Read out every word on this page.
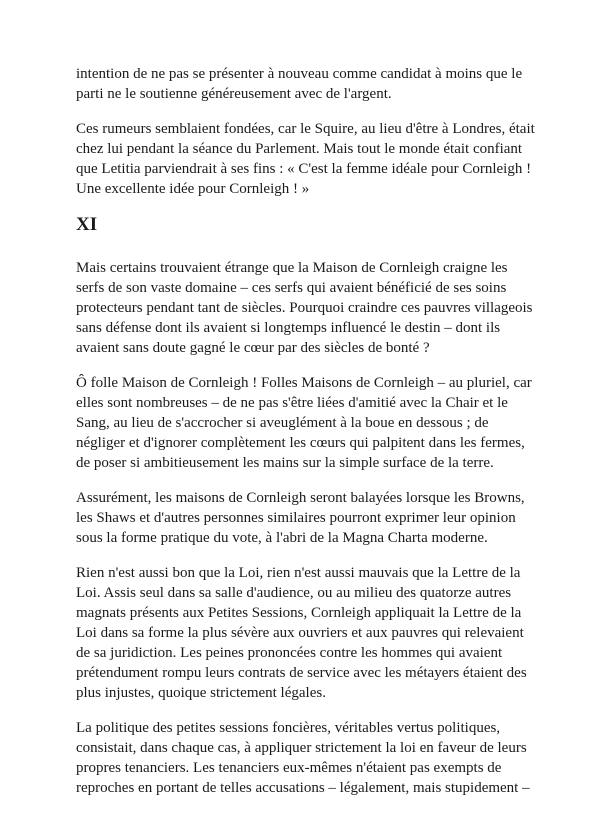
intention de ne pas se présenter à nouveau comme candidat à moins que le parti ne le soutienne généreusement avec de l'argent.

Ces rumeurs semblaient fondées, car le Squire, au lieu d'être à Londres, était chez lui pendant la séance du Parlement. Mais tout le monde était confiant que Letitia parviendrait à ses fins : « C'est la femme idéale pour Cornleigh ! Une excellente idée pour Cornleigh ! »

XI

Mais certains trouvaient étrange que la Maison de Cornleigh craigne les serfs de son vaste domaine – ces serfs qui avaient bénéficié de ses soins protecteurs pendant tant de siècles. Pourquoi craindre ces pauvres villageois sans défense dont ils avaient si longtemps influencé le destin – dont ils avaient sans doute gagné le cœur par des siècles de bonté ?

Ô folle Maison de Cornleigh ! Folles Maisons de Cornleigh – au pluriel, car elles sont nombreuses – de ne pas s'être liées d'amitié avec la Chair et le Sang, au lieu de s'accrocher si aveuglément à la boue en dessous ; de négliger et d'ignorer complètement les cœurs qui palpitent dans les fermes, de poser si ambitieusement les mains sur la simple surface de la terre.

Assurément, les maisons de Cornleigh seront balayées lorsque les Browns, les Shaws et d'autres personnes similaires pourront exprimer leur opinion sous la forme pratique du vote, à l'abri de la Magna Charta moderne.

Rien n'est aussi bon que la Loi, rien n'est aussi mauvais que la Lettre de la Loi. Assis seul dans sa salle d'audience, ou au milieu des quatorze autres magnats présents aux Petites Sessions, Cornleigh appliquait la Lettre de la Loi dans sa forme la plus sévère aux ouvriers et aux pauvres qui relevaient de sa juridiction. Les peines prononcées contre les hommes qui avaient prétendument rompu leurs contrats de service avec les métayers étaient des plus injustes, quoique strictement légales.

La politique des petites sessions foncières, véritables vertus politiques, consistait, dans chaque cas, à appliquer strictement la loi en faveur de leurs propres tenanciers. Les tenanciers eux-mêmes n'étaient pas exempts de reproches en portant de telles accusations – légalement, mais stupidement –
